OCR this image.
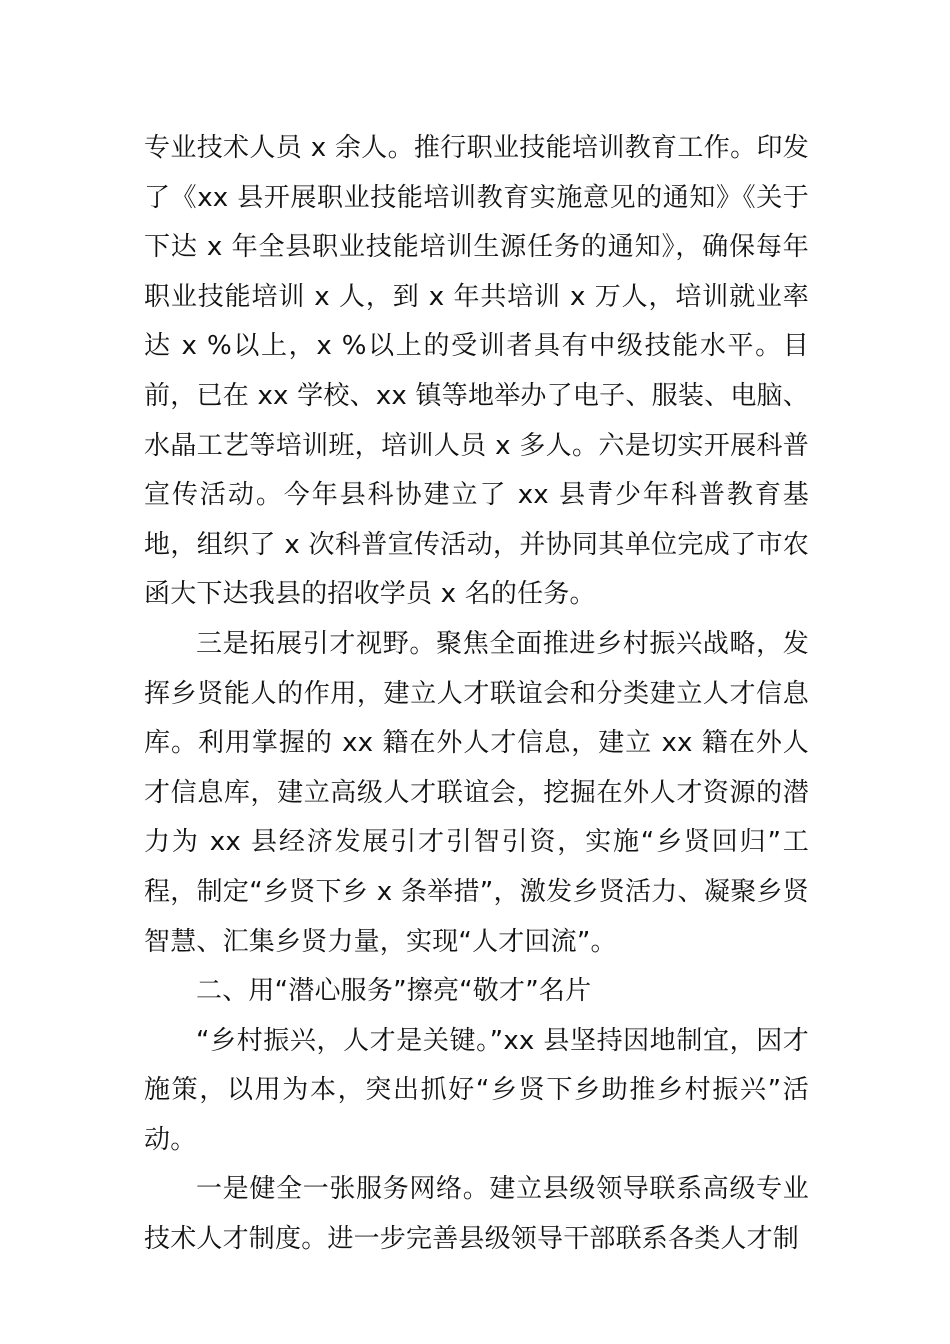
专业技术人员 x 余人。推行职业技能培训教育工作。印发了《xx 县开展职业技能培训教育实施意见的通知》《关于下达 x 年全县职业技能培训生源任务的通知》，确保每年职业技能培训 x 人，到 x 年共培训 x 万人，培训就业率达 x %以上，x %以上的受训者具有中级技能水平。目前，已在 xx 学校、xx 镇等地举办了电子、服装、电脑、水晶工艺等培训班，培训人员 x 多人。六是切实开展科普宣传活动。今年县科协建立了 xx 县青少年科普教育基地，组织了 x 次科普宣传活动，并协同其单位完成了市农函大下达我县的招收学员 x 名的任务。

三是拓展引才视野。聚焦全面推进乡村振兴战略，发挥乡贤能人的作用，建立人才联谊会和分类建立人才信息库。利用掌握的 xx 籍在外人才信息，建立 xx 籍在外人才信息库，建立高级人才联谊会，挖掘在外人才资源的潜力为 xx 县经济发展引才引智引资，实施“乡贤回归”工程，制定“乡贤下乡 x 条举措”，激发乡贤活力、凝聚乡贤智慧、汇集乡贤力量，实现“人才回流”。

二、用“潜心服务”擦亮“敬才”名片

“乡村振兴，人才是关键。”xx 县坚持因地制宜，因才施策，以用为本，突出抓好“乡贤下乡助推乡村振兴”活动。

一是健全一张服务网络。建立县级领导联系高级专业技术人才制度。进一步完善县级领导干部联系各类人才制
